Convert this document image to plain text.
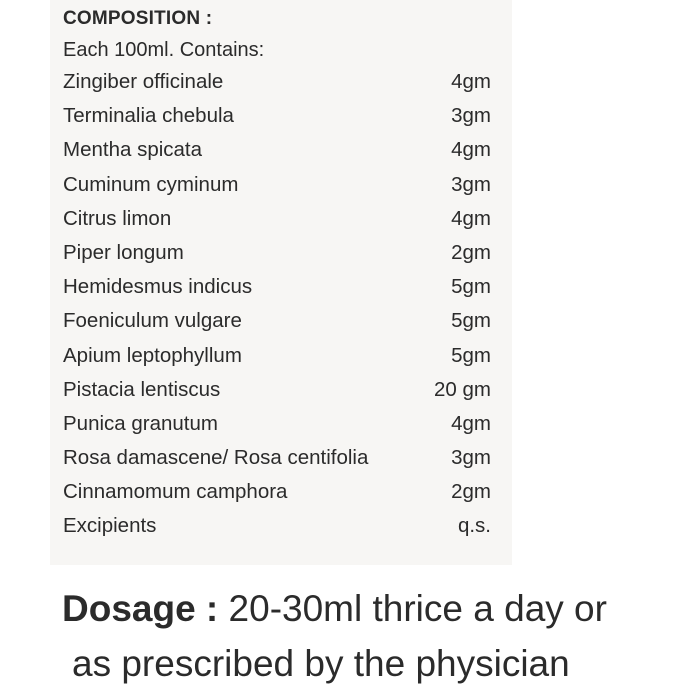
COMPOSITION :
Each 100ml. Contains:
Zingiber officinale	4gm
Terminalia chebula	3gm
Mentha spicata	4gm
Cuminum cyminum	3gm
Citrus limon	4gm
Piper longum	2gm
Hemidesmus indicus	5gm
Foeniculum vulgare	5gm
Apium leptophyllum	5gm
Pistacia lentiscus	20 gm
Punica granutum	4gm
Rosa damascene/ Rosa centifolia	3gm
Cinnamomum camphora	2gm
Excipients	q.s.
Dosage : 20-30ml thrice a day or
as prescribed by the physician
